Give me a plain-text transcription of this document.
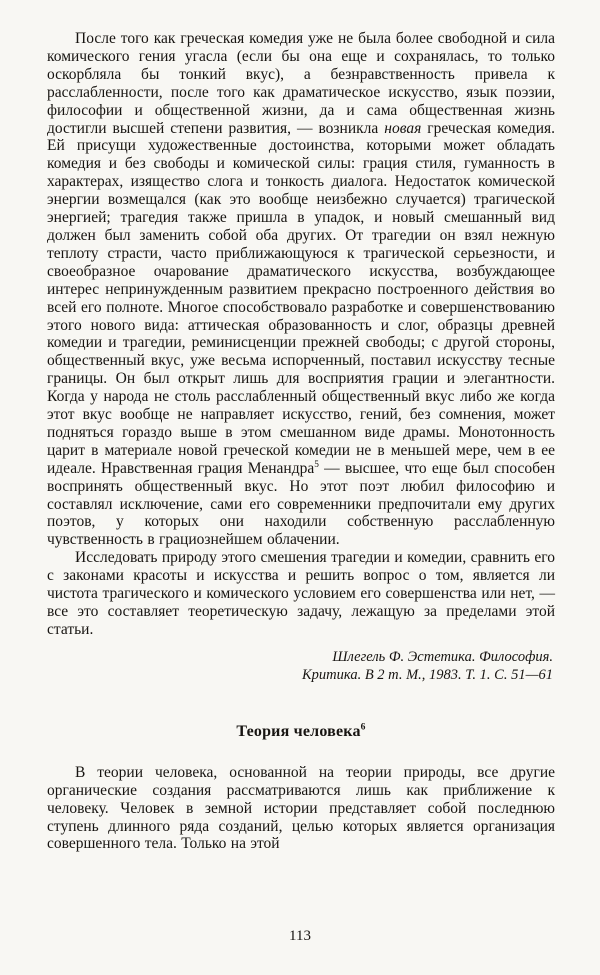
После того как греческая комедия уже не была более свободной и сила комического гения угасла (если бы она еще и сохранялась, то только оскорбляла бы тонкий вкус), а безнравственность привела к расслабленности, после того как драматическое искусство, язык поэзии, философии и общественной жизни, да и сама общественная жизнь достигли высшей степени развития, — возникла новая греческая комедия. Ей присущи художественные достоинства, которыми может обладать комедия и без свободы и комической силы: грация стиля, гуманность в характерах, изящество слога и тонкость диалога. Недостаток комической энергии возмещался (как это вообще неизбежно случается) трагической энергией; трагедия также пришла в упадок, и новый смешанный вид должен был заменить собой оба других. От трагедии он взял нежную теплоту страсти, часто приближающуюся к трагической серьезности, и своеобразное очарование драматического искусства, возбуждающее интерес непринужденным развитием прекрасно построенного действия во всей его полноте. Многое способствовало разработке и совершенствованию этого нового вида: аттическая образованность и слог, образцы древней комедии и трагедии, реминисценции прежней свободы; с другой стороны, общественный вкус, уже весьма испорченный, поставил искусству тесные границы. Он был открыт лишь для восприятия грации и элегантности. Когда у народа не столь расслабленный общественный вкус либо же когда этот вкус вообще не направляет искусство, гений, без сомнения, может подняться гораздо выше в этом смешанном виде драмы. Монотонность царит в материале новой греческой комедии не в меньшей мере, чем в ее идеале. Нравственная грация Менандра$^5$ — высшее, что еще был способен воспринять общественный вкус. Но этот поэт любил философию и составлял исключение, сами его современники предпочитали ему других поэтов, у которых они находили собственную расслабленную чувственность в грациознейшем облачении.

Исследовать природу этого смешения трагедии и комедии, сравнить его с законами красоты и искусства и решить вопрос о том, является ли чистота трагического и комического условием его совершенства или нет, — все это составляет теоретическую задачу, лежащую за пределами этой статьи.

Шлегель Ф. Эстетика. Философия.
Критика. В 2 т. М., 1983. Т. 1. С. 51—61
Теория человека$^6$

В теории человека, основанной на теории природы, все другие органические создания рассматриваются лишь как приближение к человеку. Человек в земной истории представляет собой последнюю ступень длинного ряда созданий, целью которых является организация совершенного тела. Только на этой

113
